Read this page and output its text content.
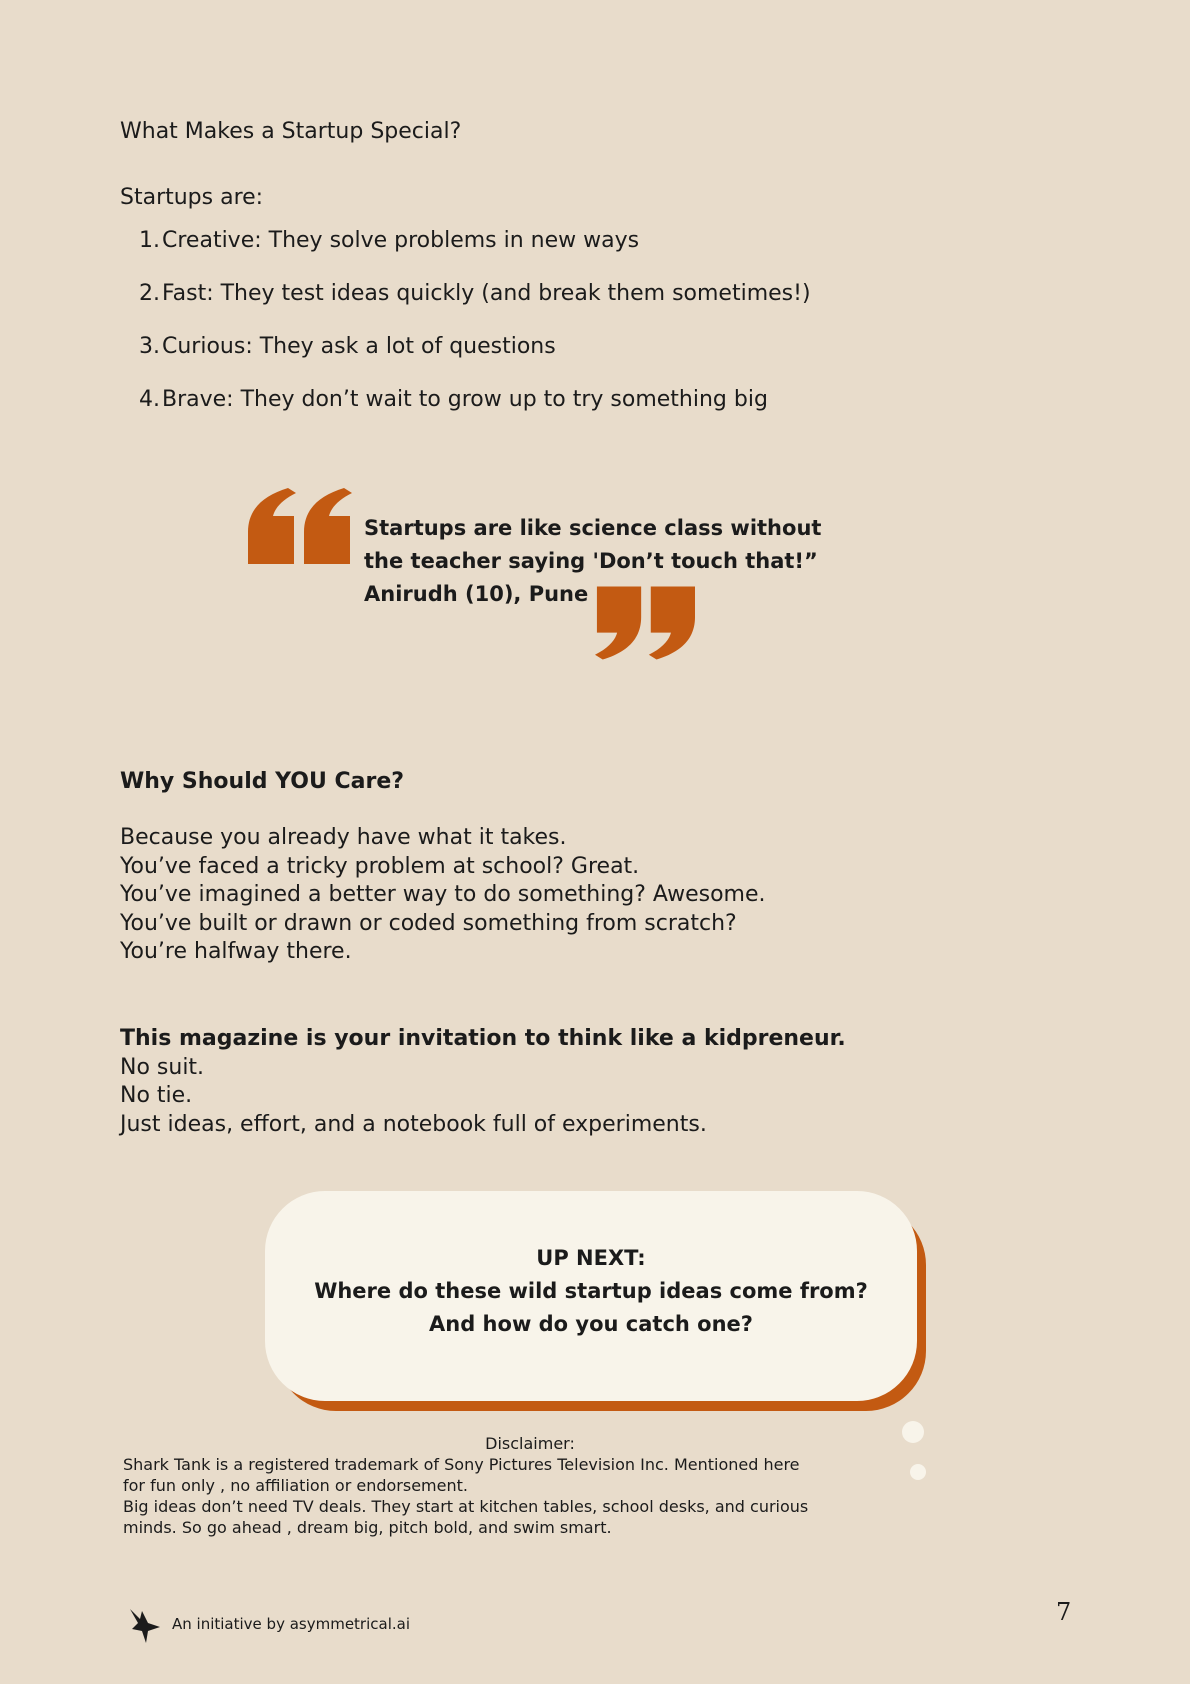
What Makes a Startup Special?
Startups are:
1. Creative: They solve problems in new ways
2. Fast: They test ideas quickly (and break them sometimes!)
3. Curious: They ask a lot of questions
4. Brave: They don’t wait to grow up to try something big
Startups are like science class without
the teacher saying 'Don’t touch that!”
Anirudh (10), Pune
Why Should YOU Care?
Because you already have what it takes.
You’ve faced a tricky problem at school? Great.
You’ve imagined a better way to do something? Awesome.
You’ve built or drawn or coded something from scratch?
You’re halfway there.
This magazine is your invitation to think like a kidpreneur.
No suit.
No tie.
Just ideas, effort, and a notebook full of experiments.
UP NEXT:
Where do these wild startup ideas come from?
And how do you catch one?
Disclaimer:
Shark Tank is a registered trademark of Sony Pictures Television Inc. Mentioned here
for fun only , no affiliation or endorsement.
Big ideas don’t need TV deals. They start at kitchen tables, school desks, and curious
minds. So go ahead , dream big, pitch bold, and swim smart.
An initiative by asymmetrical.ai	7
